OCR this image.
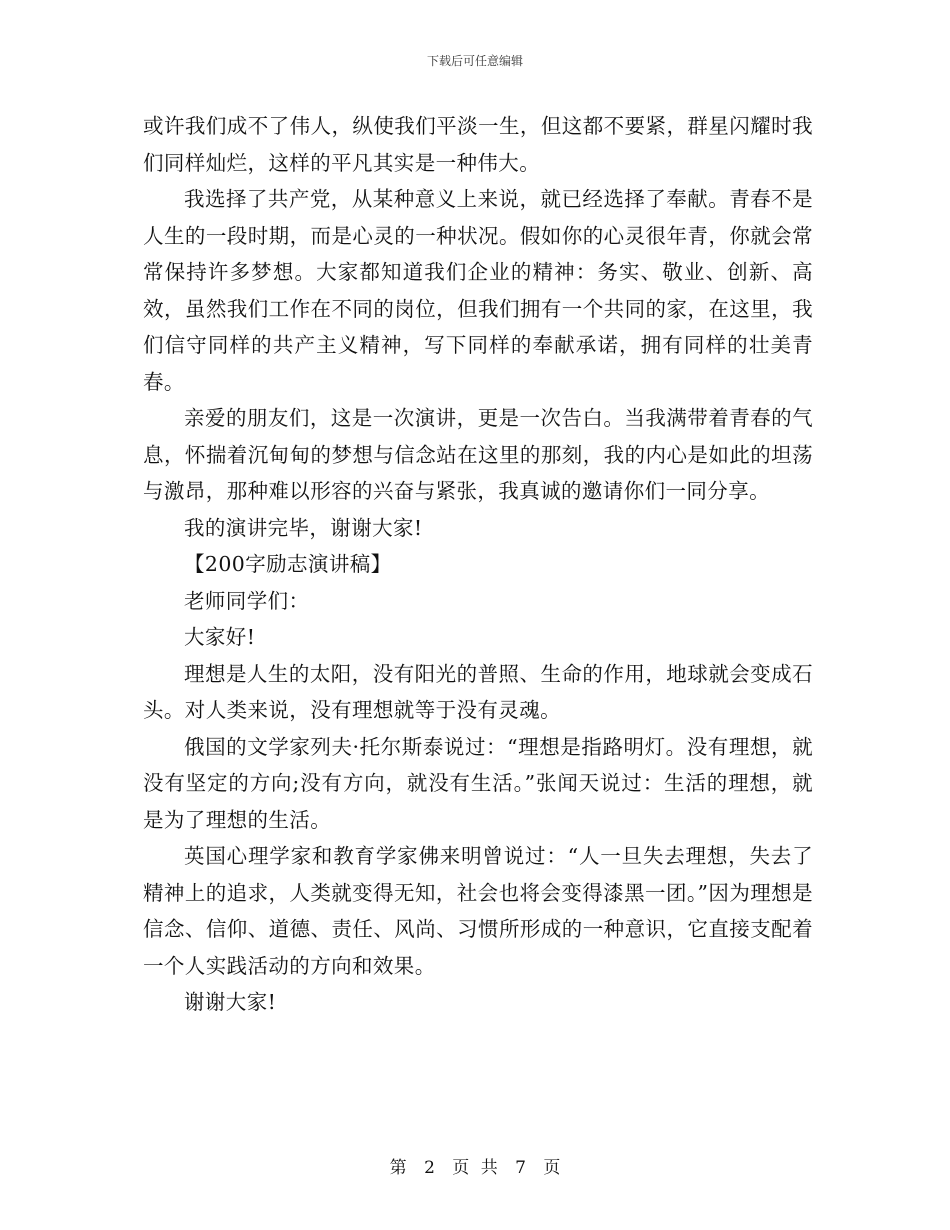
下载后可任意编辑

或许我们成不了伟人，纵使我们平淡一生，但这都不要紧，群星闪耀时我们同样灿烂，这样的平凡其实是一种伟大。

我选择了共产党，从某种意义上来说，就已经选择了奉献。青春不是人生的一段时期，而是心灵的一种状况。假如你的心灵很年青，你就会常常保持许多梦想。大家都知道我们企业的精神：务实、敬业、创新、高效，虽然我们工作在不同的岗位，但我们拥有一个共同的家，在这里，我们信守同样的共产主义精神，写下同样的奉献承诺，拥有同样的壮美青春。

亲爱的朋友们，这是一次演讲，更是一次告白。当我满带着青春的气息，怀揣着沉甸甸的梦想与信念站在这里的那刻，我的内心是如此的坦荡与激昂，那种难以形容的兴奋与紧张，我真诚的邀请你们一同分享。

我的演讲完毕，谢谢大家!

【200字励志演讲稿】

老师同学们：

大家好!

理想是人生的太阳，没有阳光的普照、生命的作用，地球就会变成石头。对人类来说，没有理想就等于没有灵魂。

俄国的文学家列夫·托尔斯泰说过：“理想是指路明灯。没有理想，就没有坚定的方向;没有方向，就没有生活。”张闻天说过：生活的理想，就是为了理想的生活。

英国心理学家和教育学家佛来明曾说过：“人一旦失去理想，失去了精神上的追求，人类就变得无知，社会也将会变得漆黑一团。”因为理想是信念、信仰、道德、责任、风尚、习惯所形成的一种意识，它直接支配着一个人实践活动的方向和效果。

谢谢大家!

第 2 页 共 7 页
